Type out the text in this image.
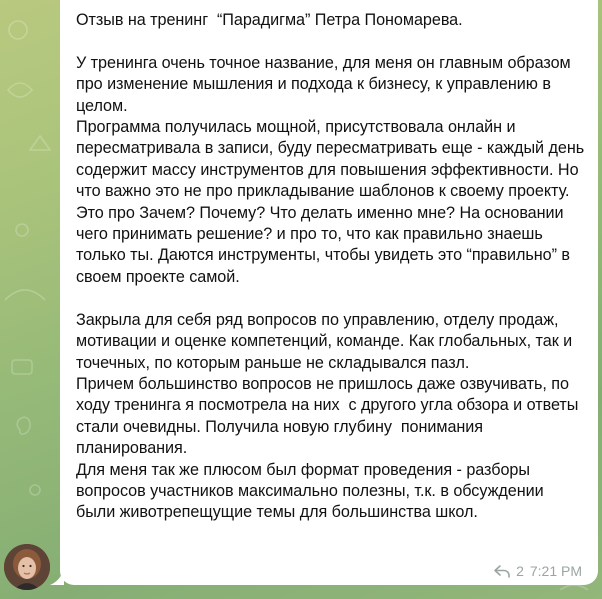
Отзыв на тренинг  “Парадигма” Петра Пономарева.

У тренинга очень точное название, для меня он главным образом про изменение мышления и подхода к бизнесу, к управлению в целом.
Программа получилась мощной, присутствовала онлайн и пересматривала в записи, буду пересматривать еще - каждый день содержит массу инструментов для повышения эффективности. Но что важно это не про прикладывание шаблонов к своему проекту. Это про Зачем? Почему? Что делать именно мне? На основании чего принимать решение? и про то, что как правильно знаешь только ты. Даются инструменты, чтобы увидеть это “правильно” в своем проекте самой.

Закрыла для себя ряд вопросов по управлению, отделу продаж, мотивации и оценке компетенций, команде. Как глобальных, так и точечных, по которым раньше не складывался пазл.
Причем большинство вопросов не пришлось даже озвучивать, по ходу тренинга я посмотрела на них  с другого угла обзора и ответы стали очевидны. Получила новую глубину  понимания планирования.
Для меня так же плюсом был формат проведения - разборы вопросов участников максимально полезны, т.к. в обсуждении были животрепещущие темы для большинства школ.
2 7:21 PM
